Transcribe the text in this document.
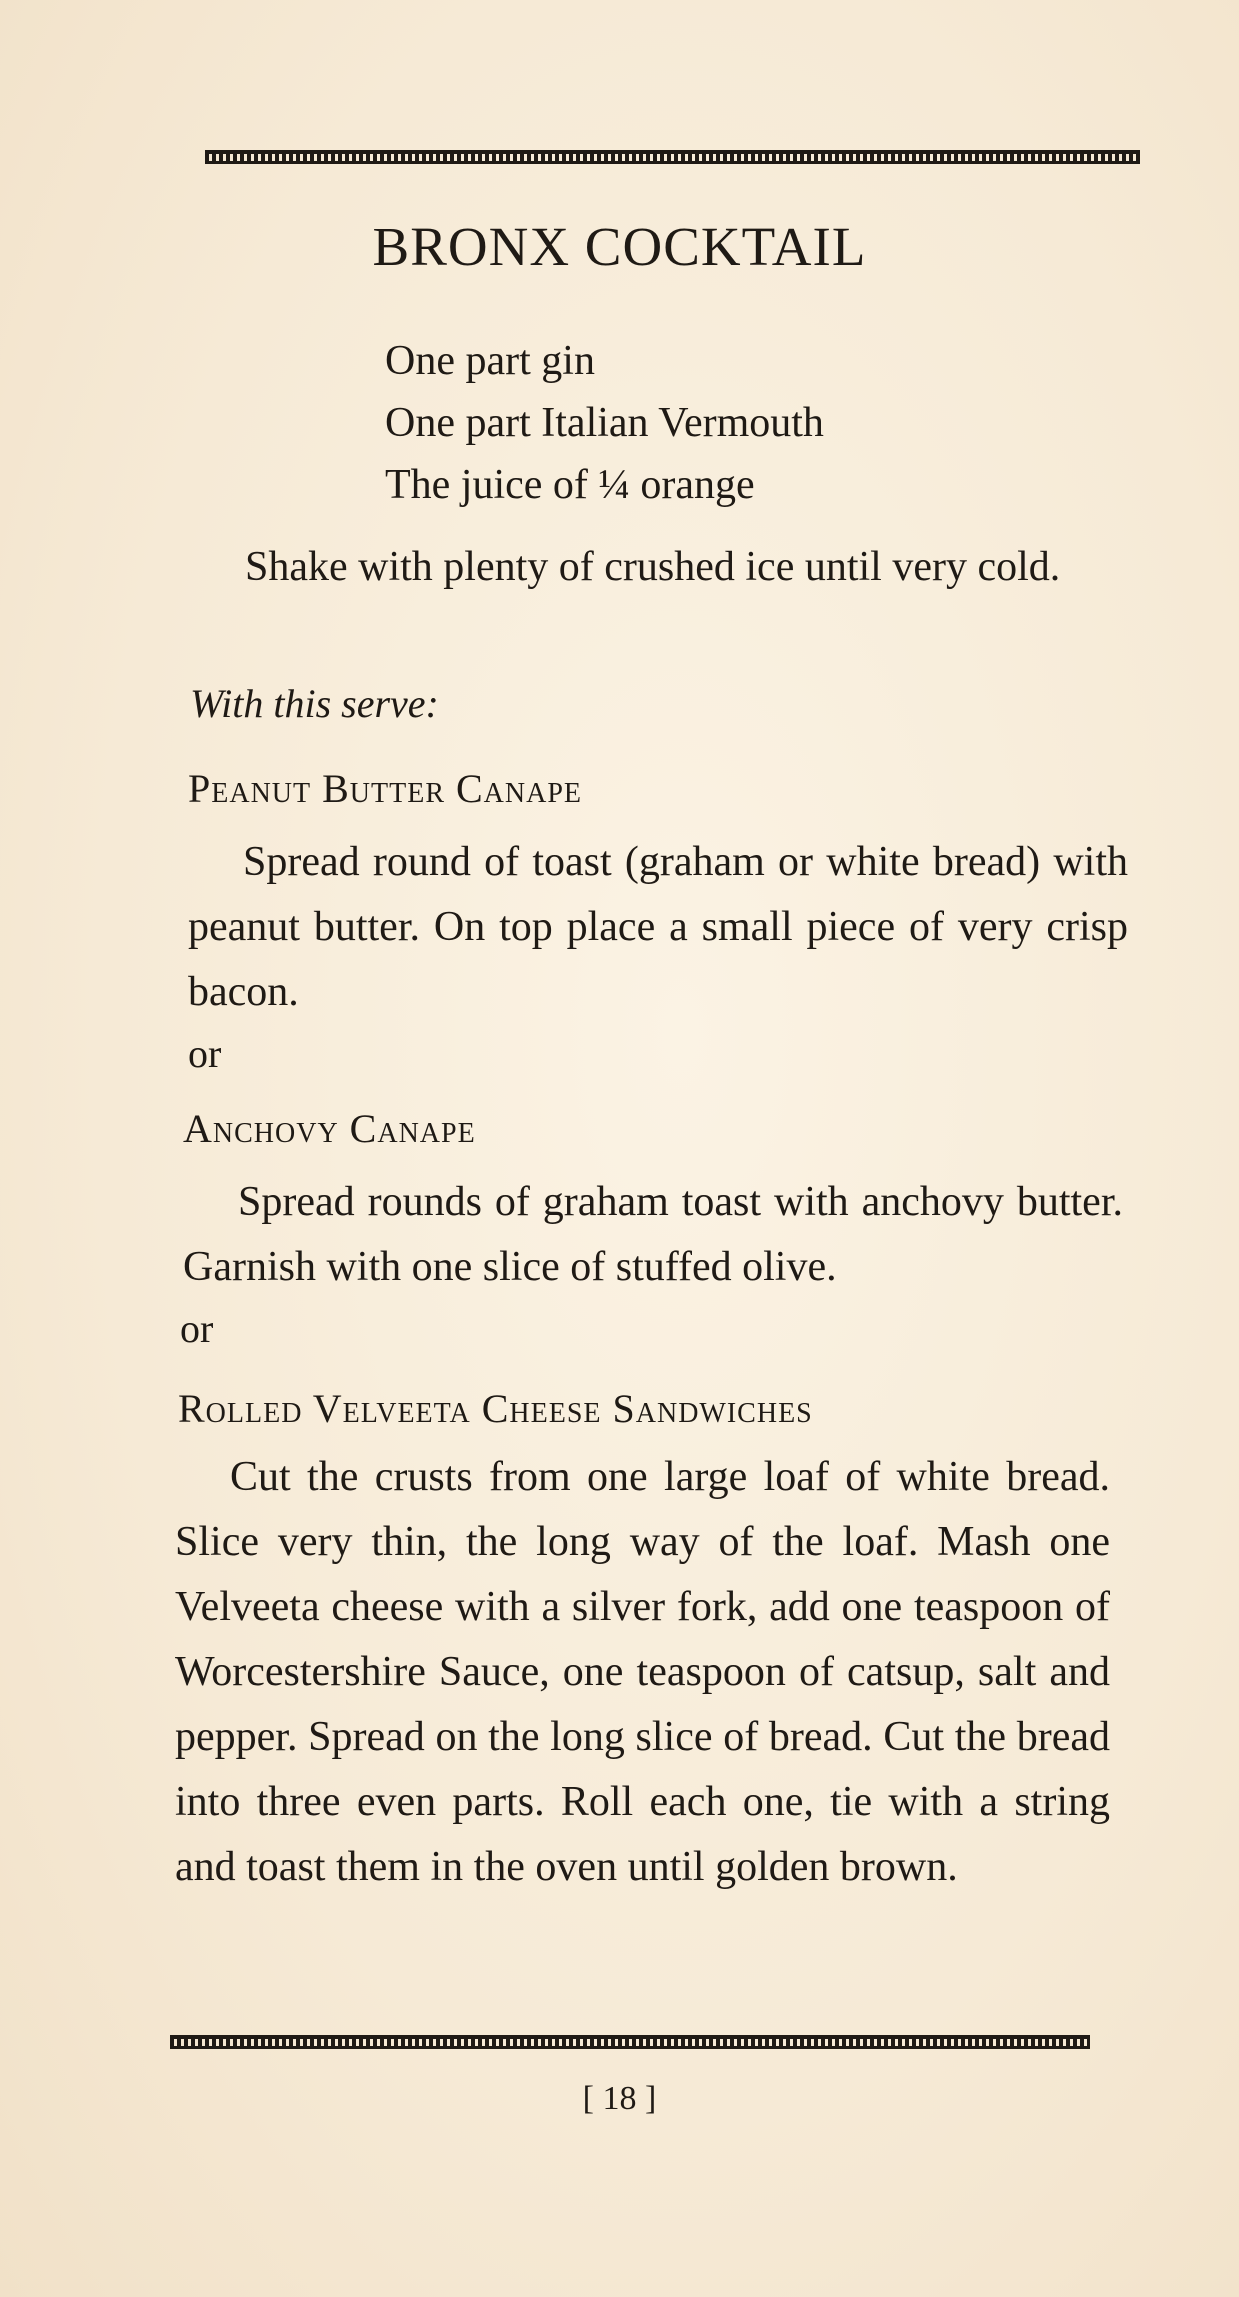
BRONX COCKTAIL
One part gin
One part Italian Vermouth
The juice of ¼ orange

Shake with plenty of crushed ice until very cold.

With this serve:
Peanut Butter Canape

Spread round of toast (graham or white bread) with peanut butter. On top place a small piece of very crisp bacon.

or
Anchovy Canape

Spread rounds of graham toast with anchovy butter. Garnish with one slice of stuffed olive.

or
Rolled Velveeta Cheese Sandwiches

Cut the crusts from one large loaf of white bread. Slice very thin, the long way of the loaf. Mash one Velveeta cheese with a silver fork, add one teaspoon of Worcestershire Sauce, one teaspoon of catsup, salt and pepper. Spread on the long slice of bread. Cut the bread into three even parts. Roll each one, tie with a string and toast them in the oven until golden brown.

[ 18 ]
